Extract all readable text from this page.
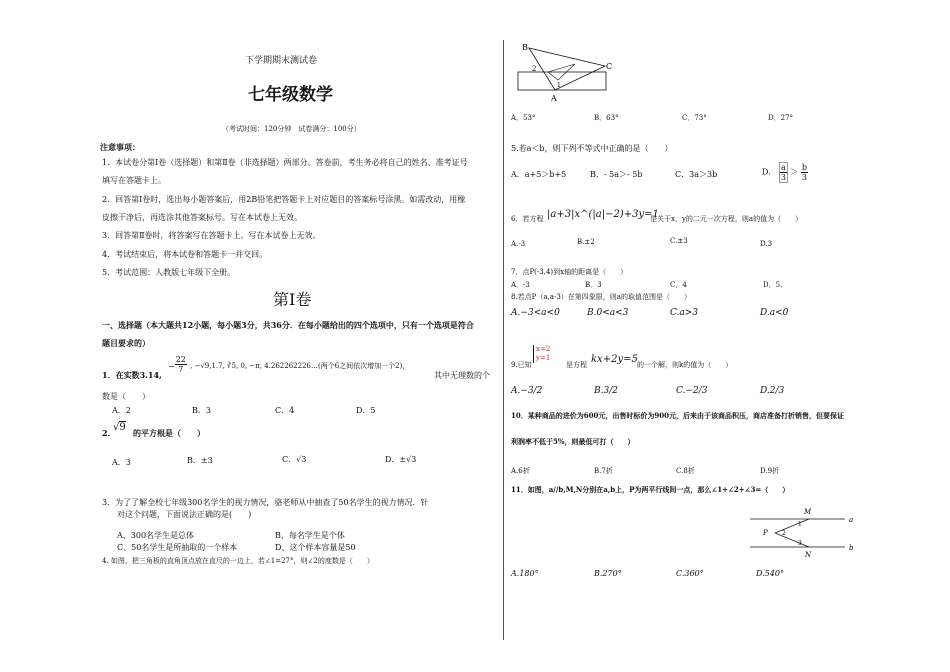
下学期期末测试卷
七年级数学
（考试时间：120分钟　试卷满分：100分）
注意事项：
1．本试卷分第Ⅰ卷（选择题）和第Ⅱ卷（非选择题）两部分。答卷前，考生务必将自己的姓名、准考证号
填写在答题卡上。
2．回答第Ⅰ卷时，选出每小题答案后，用2B铅笔把答题卡上对应题目的答案标号涂黑。如需改动，用橡
皮擦干净后，再选涂其他答案标号。写在本试卷上无效。
3．回答第Ⅱ卷时，将答案写在答题卡上。写在本试卷上无效。
4．考试结束后，将本试卷和答题卡一并交回。
5．考试范围：人教版七年级下全册。
第Ⅰ卷
一、选择题（本大题共12小题，每小题3分，共36分．在每小题给出的四个选项中，只有一个选项是符合
题目要求的）
1．在实数3.14,
− $\frac{22}{7}$ , −√9,1.7, ∛5, 0, −π, 4.262262226…(两个6之间依次增加一个2)，
其中无理数的个
数是（　　）
A．2	B．3	C．4	D．5
2．
√9 的平方根是（　　）
A．3	B．±3	C．√3	D．±√3
3．为了了解全校七年级300名学生的视力情况，骆老师从中抽查了50名学生的视力情况．针
对这个问题，下面说法正确的是(　　)
A、300名学生是总体	B、每名学生是个体
C、50名学生是所抽取的一个样本	D、这个样本容量是50
4. 如图，把三角板的直角顶点放在直尺的一边上，若∠1=27°，则∠2的度数是（　　）
B
C
A
1
2
A．53°	B．63°	C．73°	D．27°
5.若a＜b，则下列不等式中正确的是（　　）
A．a+5＞b+5	B．- 5a＞- 5b	C．3a＞3b	D． $\frac{a}{3} > \frac{b}{3}$
6．若方程 |a+3|x^(|a|−2)+3y=1
是关于x，y的二元一次方程，则a的值为（　　）
A.-3	B.±2	C.±3	D.3
7．点P(-3,4)到x轴的距离是（　　）
A．-3	B．3	C．4	D．5.
8.若点P（a,a-3）在第四象限，则a的取值范围是（　　）
A.−3<a<0	B.0<a<3	C.a>3	D.a<0
9.已知
x=2
y=1
是方程 kx+2y=5 的一个解，则k的值为（　　）
A.−3/2	B.3/2	C.−2/3	D.2/3
10．某种商品的进价为600元，出售时标价为900元，后来由于该商品积压，商店准备打折销售，但要保证
利润率不低于5%，则最低可打（　　）
A.6折	B.7折	C.8折	D.9折
11．如图，a//b,M,N分别在a,b上，P为两平行线间一点，那么∠1+∠2+∠3=（　　）
M
a
P
b
N
1
2
3
A.180°	B.270°	C.360°	D.540°
